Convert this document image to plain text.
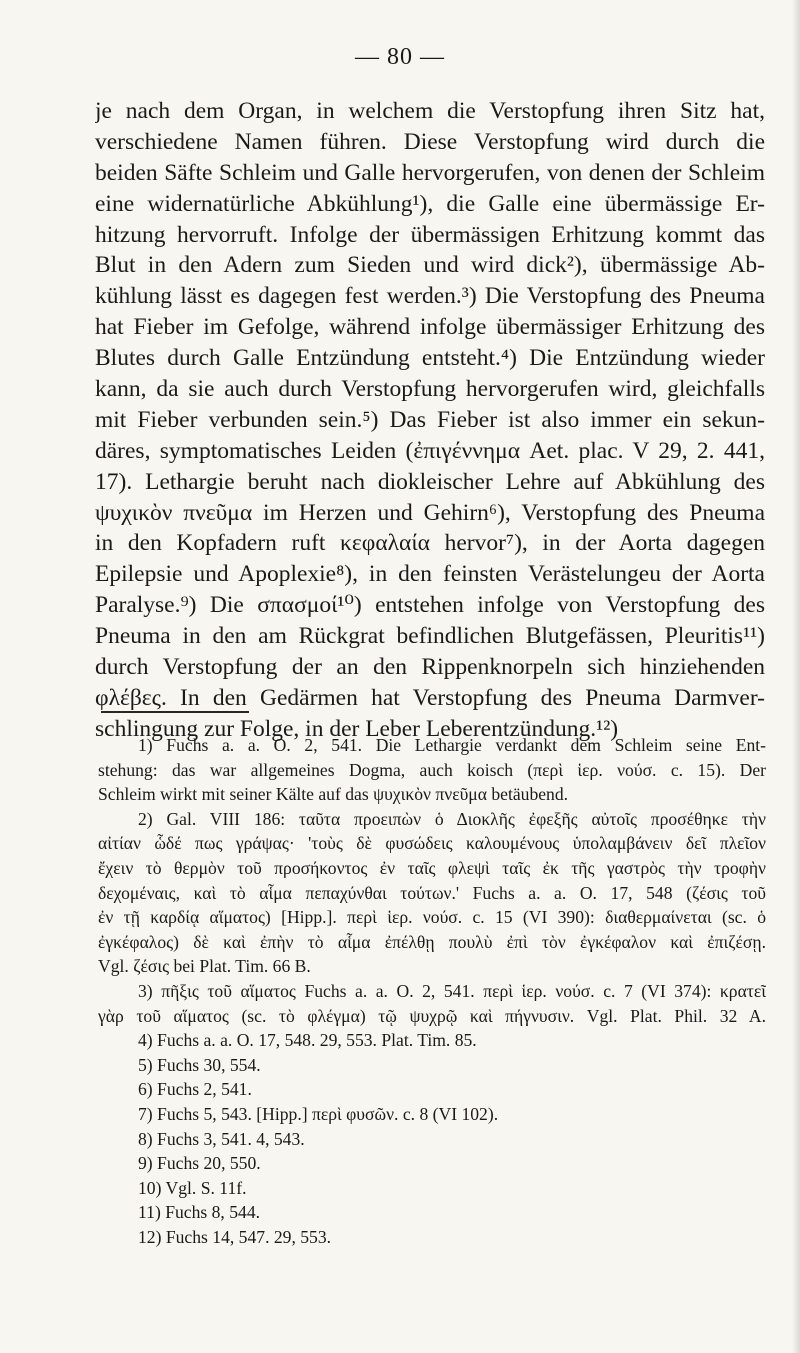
— 80 —
je nach dem Organ, in welchem die Verstopfung ihren Sitz hat,
verschiedene Namen führen. Diese Verstopfung wird durch die
beiden Säfte Schleim und Galle hervorgerufen, von denen der Schleim
eine widernatürliche Abkühlung¹), die Galle eine übermässige Er-
hitzung hervorruft. Infolge der übermässigen Erhitzung kommt das
Blut in den Adern zum Sieden und wird dick²), übermässige Ab-
kühlung lässt es dagegen fest werden.³) Die Verstopfung des Pneuma
hat Fieber im Gefolge, während infolge übermässiger Erhitzung des
Blutes durch Galle Entzündung entsteht.⁴) Die Entzündung wieder
kann, da sie auch durch Verstopfung hervorgerufen wird, gleichfalls
mit Fieber verbunden sein.⁵) Das Fieber ist also immer ein sekun-
däres, symptomatisches Leiden (ἐπιγέννημα Aet. plac. V 29, 2. 441,
17). Lethargie beruht nach diokleischer Lehre auf Abkühlung des
ψυχικὸν πνεῦμα im Herzen und Gehirn⁶), Verstopfung des Pneuma
in den Kopfadern ruft κεφαλαία hervor⁷), in der Aorta dagegen
Epilepsie und Apoplexie⁸), in den feinsten Verästelungeu der Aorta
Paralyse.⁹) Die σπασμοί¹⁰) entstehen infolge von Verstopfung des
Pneuma in den am Rückgrat befindlichen Blutgefässen, Pleuritis¹¹)
durch Verstopfung der an den Rippenknorpeln sich hinziehenden
φλέβες. In den Gedärmen hat Verstopfung des Pneuma Darmver-
schlingung zur Folge, in der Leber Leberentzündung.¹²)
1) Fuchs a. a. O. 2, 541. Die Lethargie verdankt dem Schleim seine Ent-
stehung: das war allgemeines Dogma, auch koisch (περὶ ἱερ. νούσ. c. 15). Der
Schleim wirkt mit seiner Kälte auf das ψυχικὸν πνεῦμα betäubend.
2) Gal. VIII 186: ταῦτα προειπὼν ὁ Διοκλῆς ἐφεξῆς αὐτοῖς προσέθηκε τὴν
αἰτίαν ὧδέ πως γράψας· 'τοὺς δὲ φυσώδεις καλουμένους ὑπολαμβάνειν δεῖ πλεῖον
ἔχειν τὸ θερμὸν τοῦ προσήκοντος ἐν ταῖς φλεψὶ ταῖς ἐκ τῆς γαστρὸς τὴν τροφὴν
δεχομέναις, καὶ τὸ αἷμα πεπαχύνθαι τούτων.' Fuchs a. a. O. 17, 548 (ζέσις τοῦ
ἐν τῇ καρδίᾳ αἵματος) [Hipp.]. περὶ ἱερ. νούσ. c. 15 (VI 390): διαθερμαίνεται (sc. ὁ
ἐγκέφαλος) δὲ καὶ ἐπὴν τὸ αἷμα ἐπέλθῃ πουλὺ ἐπὶ τὸν ἐγκέφαλον καὶ ἐπιζέσῃ.
Vgl. ζέσις bei Plat. Tim. 66 B.
3) πῆξις τοῦ αἵματος Fuchs a. a. O. 2, 541. περὶ ἱερ. νούσ. c. 7 (VI 374): κρατεῖ
γὰρ τοῦ αἵματος (sc. τὸ φλέγμα) τῷ ψυχρῷ καὶ πήγνυσιν. Vgl. Plat. Phil. 32 A.
4) Fuchs a. a. O. 17, 548. 29, 553. Plat. Tim. 85.
5) Fuchs 30, 554.
6) Fuchs 2, 541.
7) Fuchs 5, 543. [Hipp.] περὶ φυσῶν. c. 8 (VI 102).
8) Fuchs 3, 541. 4, 543.
9) Fuchs 20, 550.
10) Vgl. S. 11f.
11) Fuchs 8, 544.
12) Fuchs 14, 547. 29, 553.
